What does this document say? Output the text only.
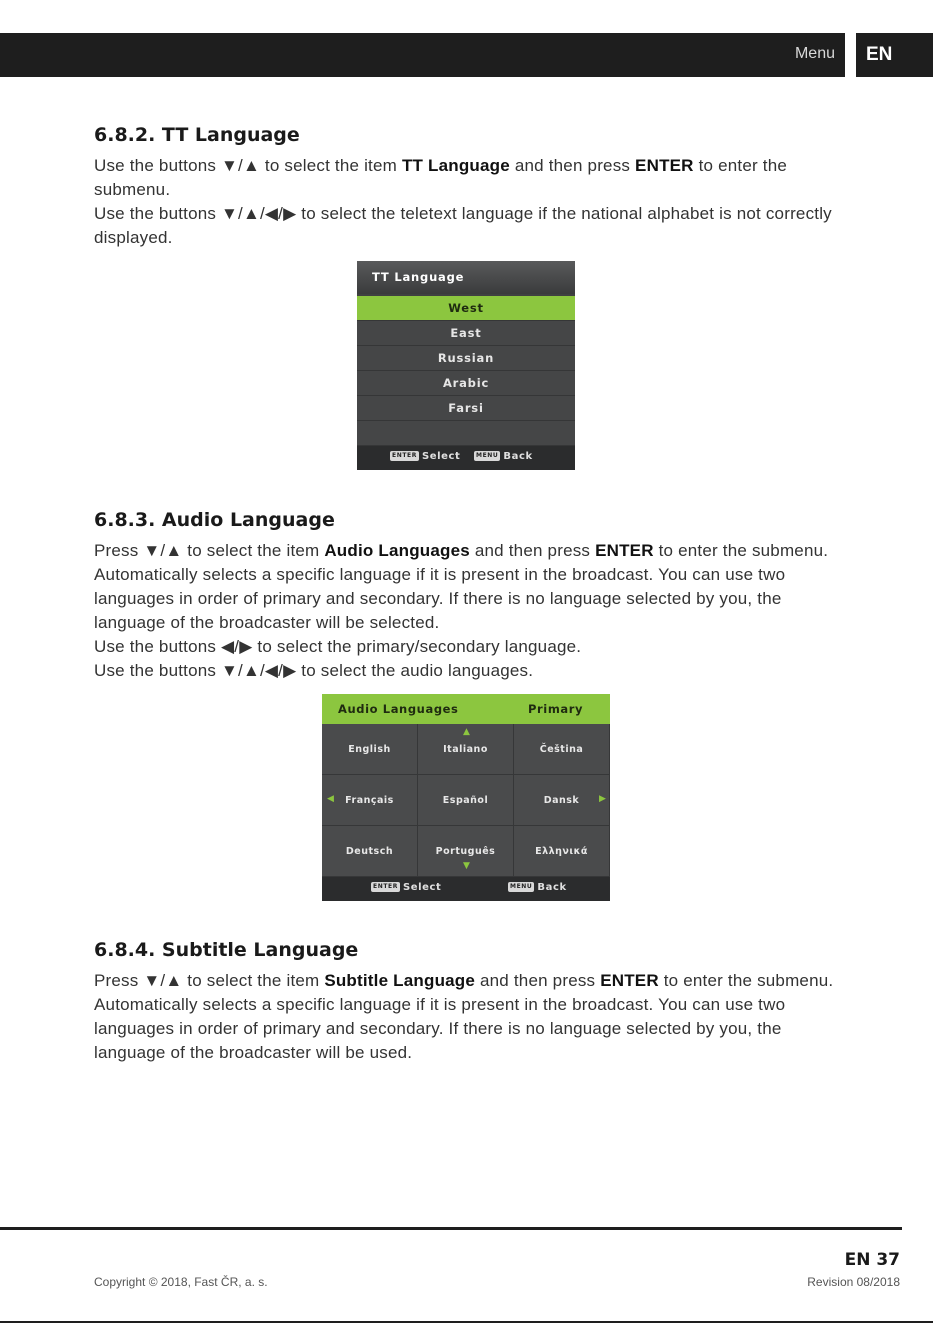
Menu	EN
6.8.2. TT Language

Use the buttons ▼/▲ to select the item TT Language and then press ENTER to enter the submenu.

Use the buttons ▼/▲/◀/▶ to select the teletext language if the national alphabet is not correctly displayed.

TT Language
West
East
Russian
Arabic
Farsi
ENTER Select	MENU Back
6.8.3. Audio Language

Press ▼/▲ to select the item Audio Languages and then press ENTER to enter the submenu. Automatically selects a specific language if it is present in the broadcast. You can use two languages in order of primary and secondary. If there is no language selected by you, the language of the broadcaster will be selected.

Use the buttons ◀/▶ to select the primary/secondary language.

Use the buttons ▼/▲/◀/▶ to select the audio languages.

Audio Languages	Primary
English	Italiano	Čeština
Français	Español	Dansk
Deutsch	Português	Ελληνικά
▲
▼
◀	▶
ENTER Select	MENU Back
6.8.4. Subtitle Language

Press ▼/▲ to select the item Subtitle Language and then press ENTER to enter the submenu. Automatically selects a specific language if it is present in the broadcast. You can use two languages in order of primary and secondary. If there is no language selected by you, the language of the broadcaster will be used.

EN 37
Copyright © 2018, Fast ČR, a. s.	Revision 08/2018
